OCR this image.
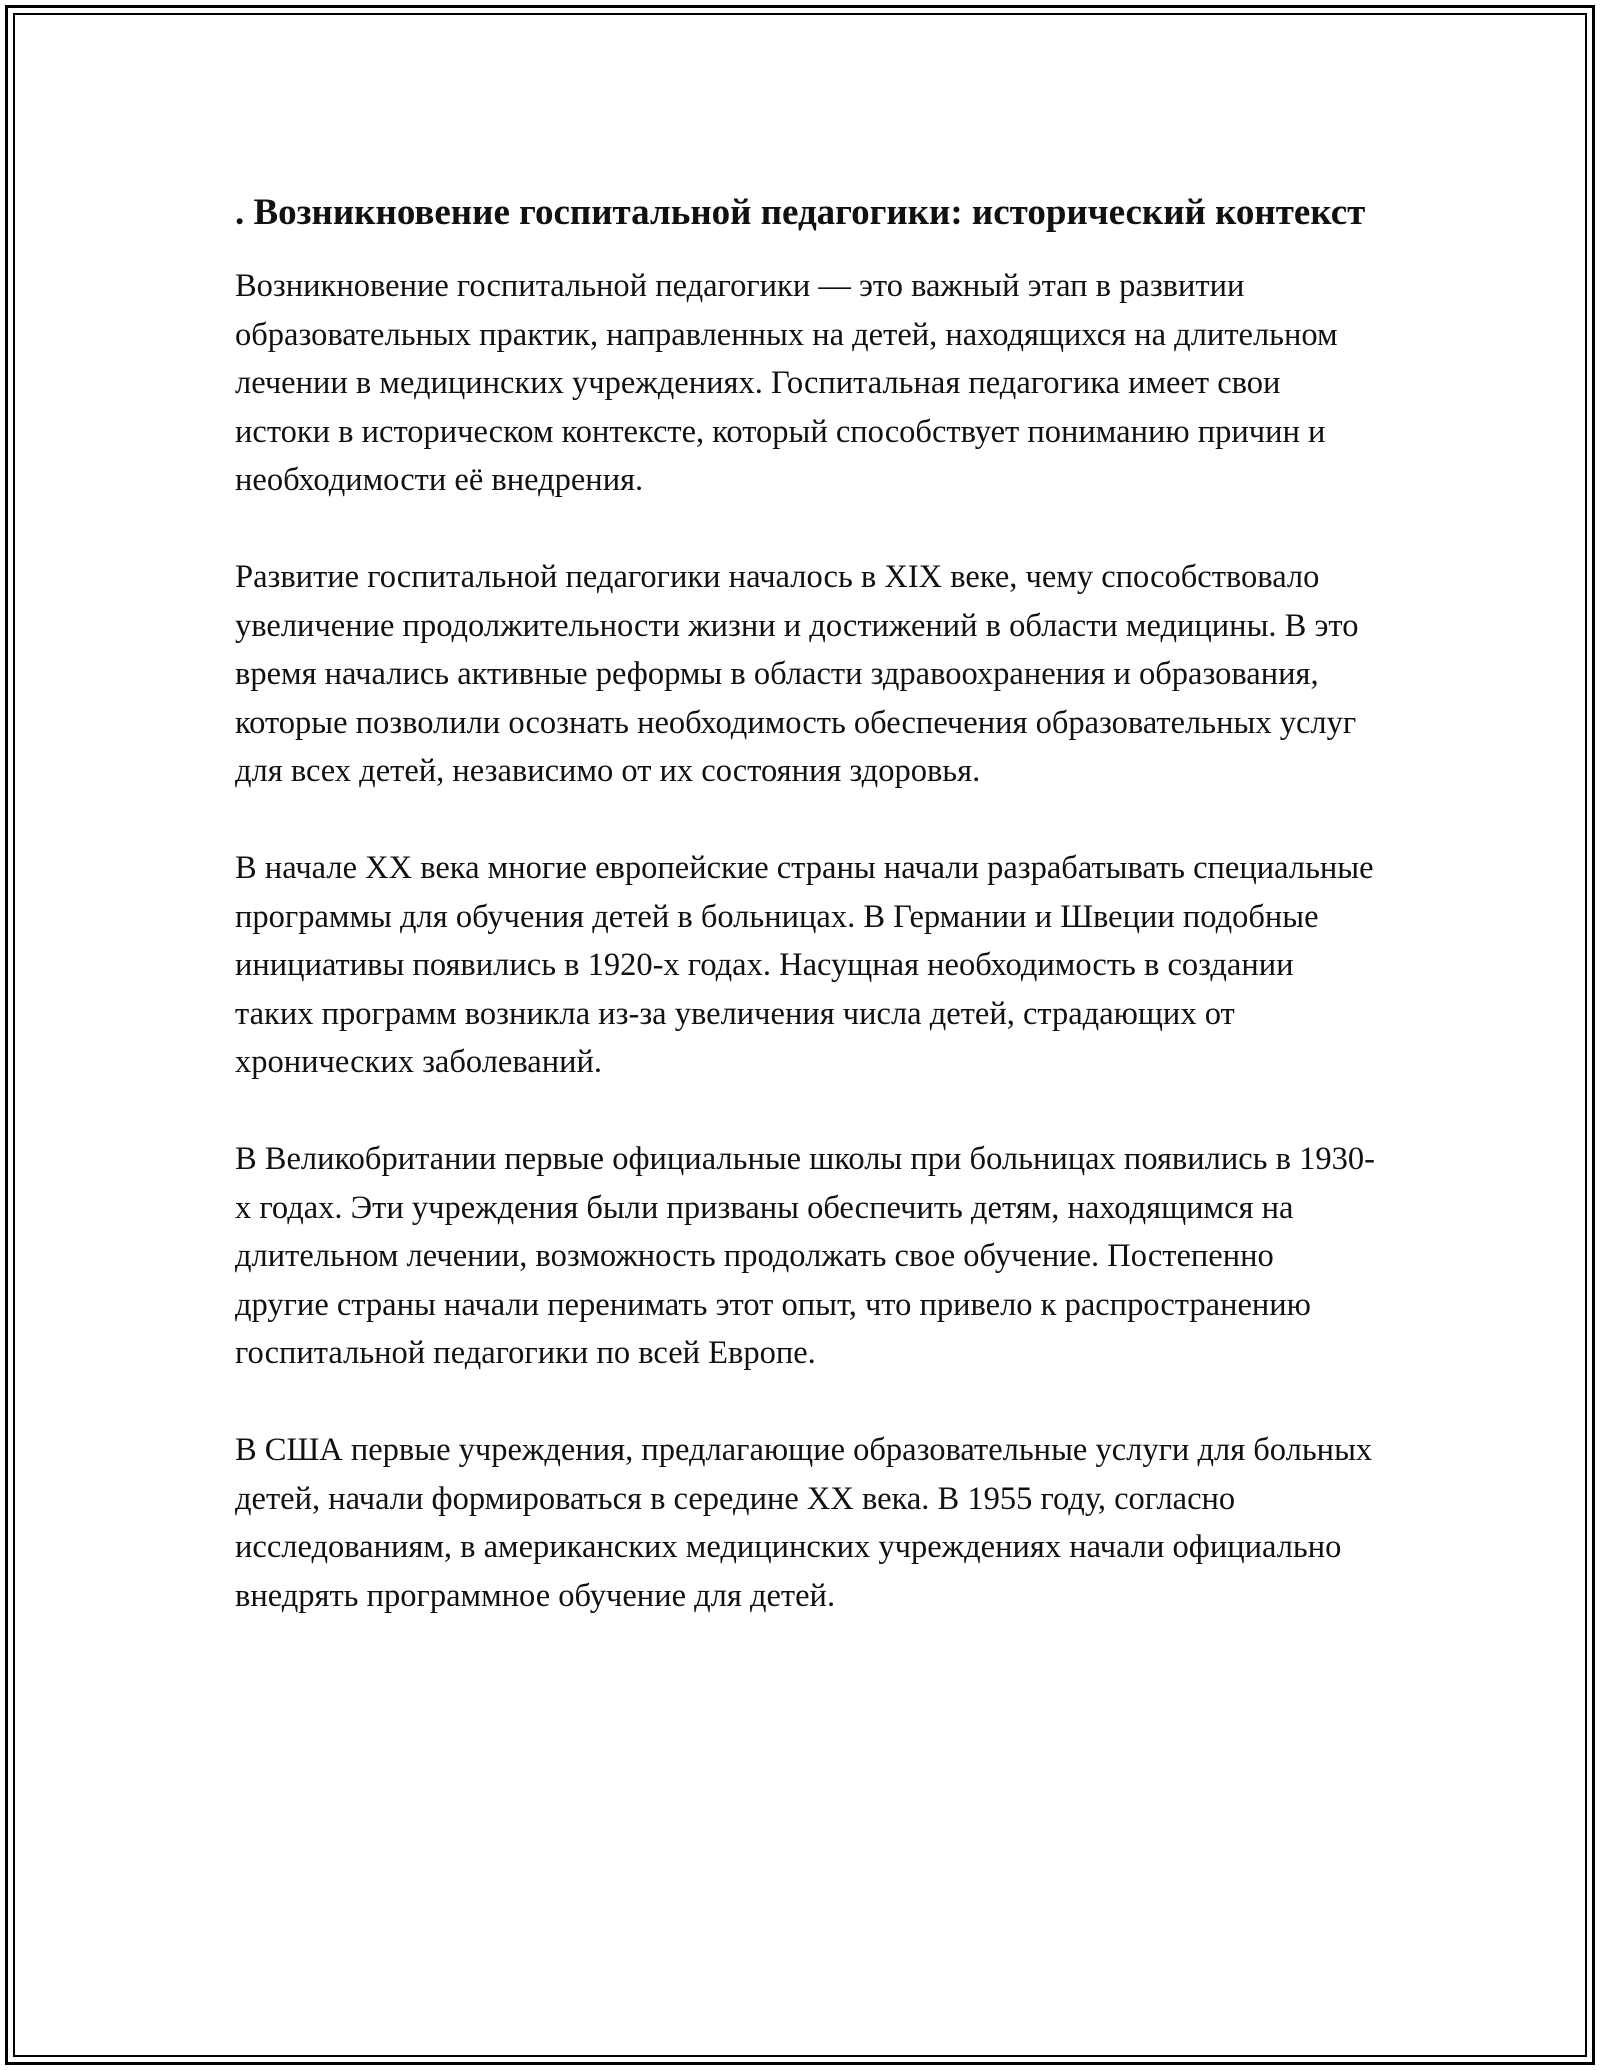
. Возникновение госпитальной педагогики: исторический контекст

Возникновение госпитальной педагогики — это важный этап в развитии образовательных практик, направленных на детей, находящихся на длительном лечении в медицинских учреждениях. Госпитальная педагогика имеет свои истоки в историческом контексте, который способствует пониманию причин и необходимости её внедрения.

Развитие госпитальной педагогики началось в XIX веке, чему способствовало увеличение продолжительности жизни и достижений в области медицины. В это время начались активные реформы в области здравоохранения и образования, которые позволили осознать необходимость обеспечения образовательных услуг для всех детей, независимо от их состояния здоровья.

В начале XX века многие европейские страны начали разрабатывать специальные программы для обучения детей в больницах. В Германии и Швеции подобные инициативы появились в 1920-х годах. Насущная необходимость в создании таких программ возникла из-за увеличения числа детей, страдающих от хронических заболеваний.

В Великобритании первые официальные школы при больницах появились в 1930-х годах. Эти учреждения были призваны обеспечить детям, находящимся на длительном лечении, возможность продолжать свое обучение. Постепенно другие страны начали перенимать этот опыт, что привело к распространению госпитальной педагогики по всей Европе.

В США первые учреждения, предлагающие образовательные услуги для больных детей, начали формироваться в середине XX века. В 1955 году, согласно исследованиям, в американских медицинских учреждениях начали официально внедрять программное обучение для детей.
